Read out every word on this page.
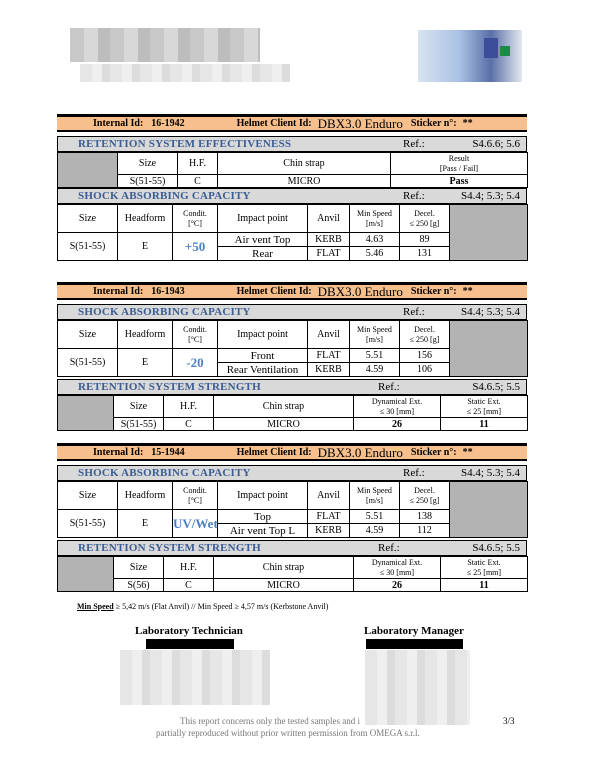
Internal Id: 16-1942	Helmet Client Id: DBX3.0 Enduro Sticker n°: **
RETENTION SYSTEM EFFECTIVENESS	Ref.:	S4.6.6; 5.6
	Size	H.F.	Chin strap	Result
[Pass / Fail]
	S(51-55)	C	MICRO	Pass
SHOCK ABSORBING CAPACITY	Ref.:	S4.4; 5.3; 5.4
Size	Headform	Condit.
[°C]	Impact point	Anvil	Min Speed
[m/s]	Decel.
≤ 250 [g]	
S(51-55)	E	+50	Air vent Top	KERB	4.63	89	
			Rear	FLAT	5.46	131	
Internal Id: 16-1943	Helmet Client Id: DBX3.0 Enduro Sticker n°: **
SHOCK ABSORBING CAPACITY	Ref.:	S4.4; 5.3; 5.4
Size	Headform	Condit.
[°C]	Impact point	Anvil	Min Speed
[m/s]	Decel.
≤ 250 [g]	
S(51-55)	E	-20	Front	FLAT	5.51	156	
			Rear Ventilation	KERB	4.59	106	
RETENTION SYSTEM STRENGTH	Ref.:	S4.6.5; 5.5
	Size	H.F.	Chin strap	Dynamical Ext.
≤ 30 [mm]	Static Ext.
≤ 25 [mm]
	S(51-55)	C	MICRO	26	11
Internal Id: 15-1944	Helmet Client Id: DBX3.0 Enduro Sticker n°: **
SHOCK ABSORBING CAPACITY	Ref.:	S4.4; 5.3; 5.4
Size	Headform	Condit.
[°C]	Impact point	Anvil	Min Speed
[m/s]	Decel.
≤ 250 [g]	
S(51-55)	E	UV/Wet	Top	FLAT	5.51	138	
			Air vent Top L	KERB	4.59	112	
RETENTION SYSTEM STRENGTH	Ref.:	S4.6.5; 5.5
	Size	H.F.	Chin strap	Dynamical Ext.
≤ 30 [mm]	Static Ext.
≤ 25 [mm]
	S(56)	C	MICRO	26	11
Min Speed ≥ 5,42 m/s (Flat Anvil) // Min Speed ≥ 4,57 m/s (Kerbstone Anvil)
Laboratory Technician	Laboratory Manager
This report concerns only the tested samples and i
partially reproduced without prior written permission from OMEGA s.r.l.
3/3
